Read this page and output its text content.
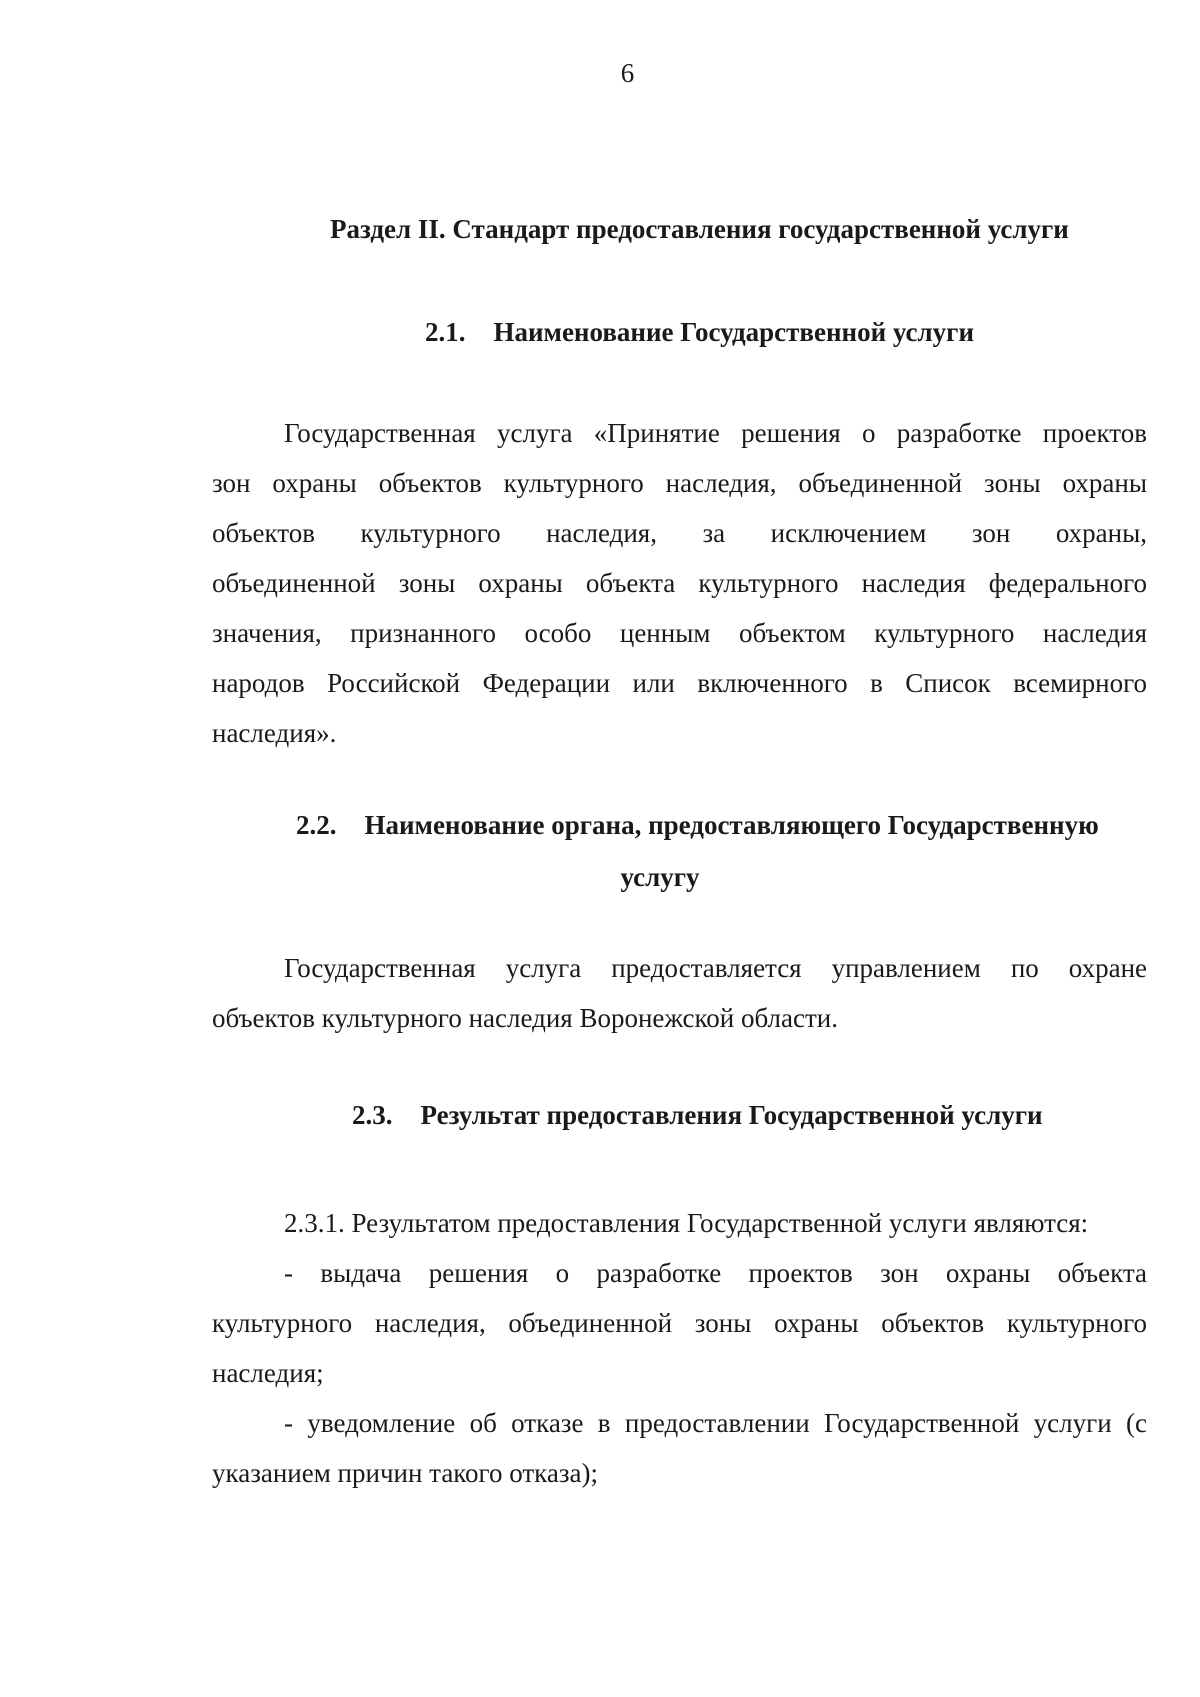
6
Раздел II. Стандарт предоставления государственной услуги
2.1. Наименование Государственной услуги
Государственная услуга «Принятие решения о разработке проектов
зон охраны объектов культурного наследия, объединенной зоны охраны
объектов культурного наследия, за исключением зон охраны,
объединенной зоны охраны объекта культурного наследия федерального
значения, признанного особо ценным объектом культурного наследия
народов Российской Федерации или включенного в Список всемирного
наследия».
2.2. Наименование органа, предоставляющего Государственную
услугу
Государственная услуга предоставляется управлением по охране
объектов культурного наследия Воронежской области.
2.3. Результат предоставления Государственной услуги
2.3.1. Результатом предоставления Государственной услуги являются:
- выдача решения о разработке проектов зон охраны объекта
культурного наследия, объединенной зоны охраны объектов культурного
наследия;
- уведомление об отказе в предоставлении Государственной услуги (с
указанием причин такого отказа);
